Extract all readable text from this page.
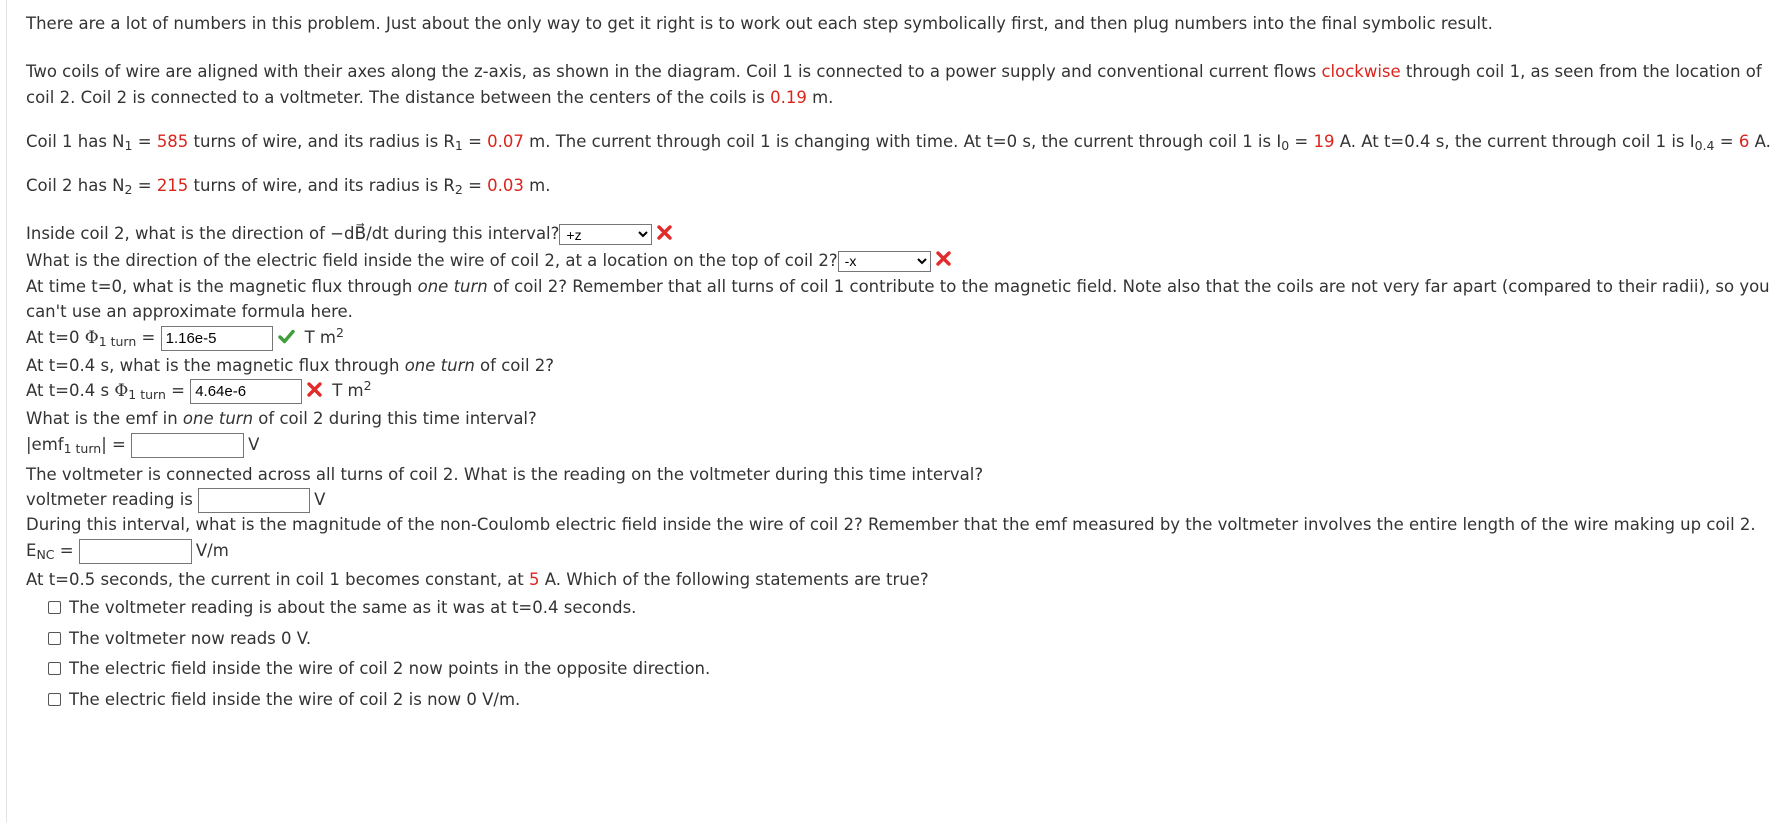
There are a lot of numbers in this problem. Just about the only way to get it right is to work out each step symbolically first, and then plug numbers into the final symbolic result.

Two coils of wire are aligned with their axes along the z-axis, as shown in the diagram. Coil 1 is connected to a power supply and conventional current flows clockwise through coil 1, as seen from the location of coil 2. Coil 2 is connected to a voltmeter. The distance between the centers of the coils is 0.19 m.

Coil 1 has $N_1 = 585$ turns of wire, and its radius is $R_1 = 0.07$ m. The current through coil 1 is changing with time. At t=0 s, the current through coil 1 is $I_0 = 19$ A. At t=0.4 s, the current through coil 1 is $I_{0.4} = 6$ A.

Coil 2 has $N_2 = 215$ turns of wire, and its radius is $R_2 = 0.03$ m.

Inside coil 2, what is the direction of −dB⃗/dt during this interval?
+z
What is the direction of the electric field inside the wire of coil 2, at a location on the top of coil 2?
-x
At time t=0, what is the magnetic flux through one turn of coil 2? Remember that all turns of coil 1 contribute to the magnetic field. Note also that the coils are not very far apart (compared to their radii), so you can't use an approximate formula here.
At t=0 $\Phi_{1 turn} = 1.16e-5$	T $m^2$
At t=0.4 s, what is the magnetic flux through one turn of coil 2?
At t=0.4 s $\Phi_{1 turn} = 4.64e-6$	T $m^2$
What is the emf in one turn of coil 2 during this time interval?
|emf$_{1 turn}$| =	V
The voltmeter is connected across all turns of coil 2. What is the reading on the voltmeter during this time interval?
voltmeter reading is	V
During this interval, what is the magnitude of the non-Coulomb electric field inside the wire of coil 2? Remember that the emf measured by the voltmeter involves the entire length of the wire making up coil 2.
$E_{NC}$ =	V/m
At t=0.5 seconds, the current in coil 1 becomes constant, at 5 A. Which of the following statements are true?
The voltmeter reading is about the same as it was at t=0.4 seconds.
The voltmeter now reads 0 V.
The electric field inside the wire of coil 2 now points in the opposite direction.
The electric field inside the wire of coil 2 is now 0 V/m.
